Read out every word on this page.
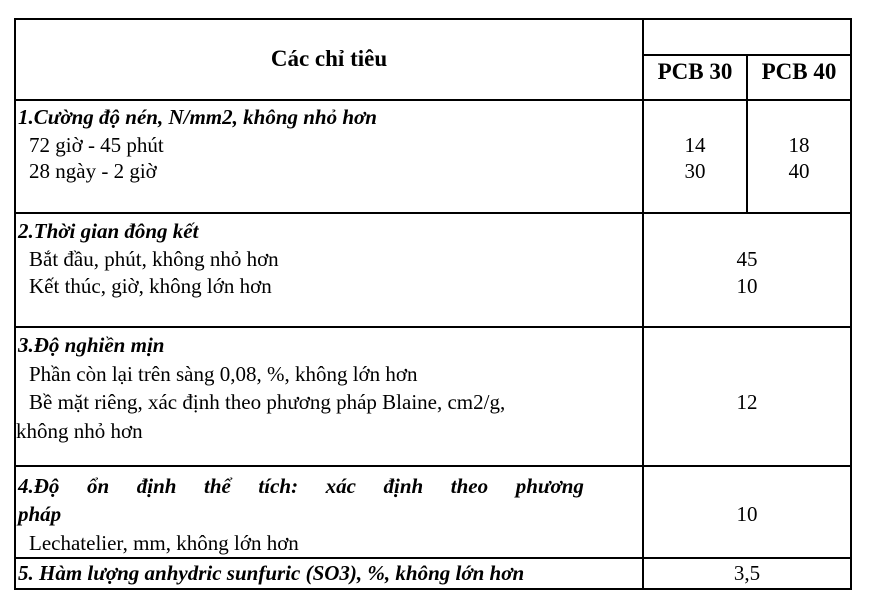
Các chỉ tiêu
PCB 30	PCB 40
1.Cường độ nén, N/mm2, không nhỏ hơn
72 giờ - 45 phút	14	18
28 ngày - 2 giờ	30	40
2.Thời gian đông kết
Bắt đầu, phút, không nhỏ hơn	45
Kết thúc, giờ, không lớn hơn	10
3.Độ nghiền mịn
Phần còn lại trên sàng 0,08, %, không lớn hơn
Bề mặt riêng, xác định theo phương pháp Blaine, cm2/g,
không nhỏ hơn
12
4.Độ ổn định thể tích: xác định theo phương
pháp
Lechatelier, mm, không lớn hơn
10
5. Hàm lượng anhydric sunfuric (SO3), %, không lớn hơn	3,5
